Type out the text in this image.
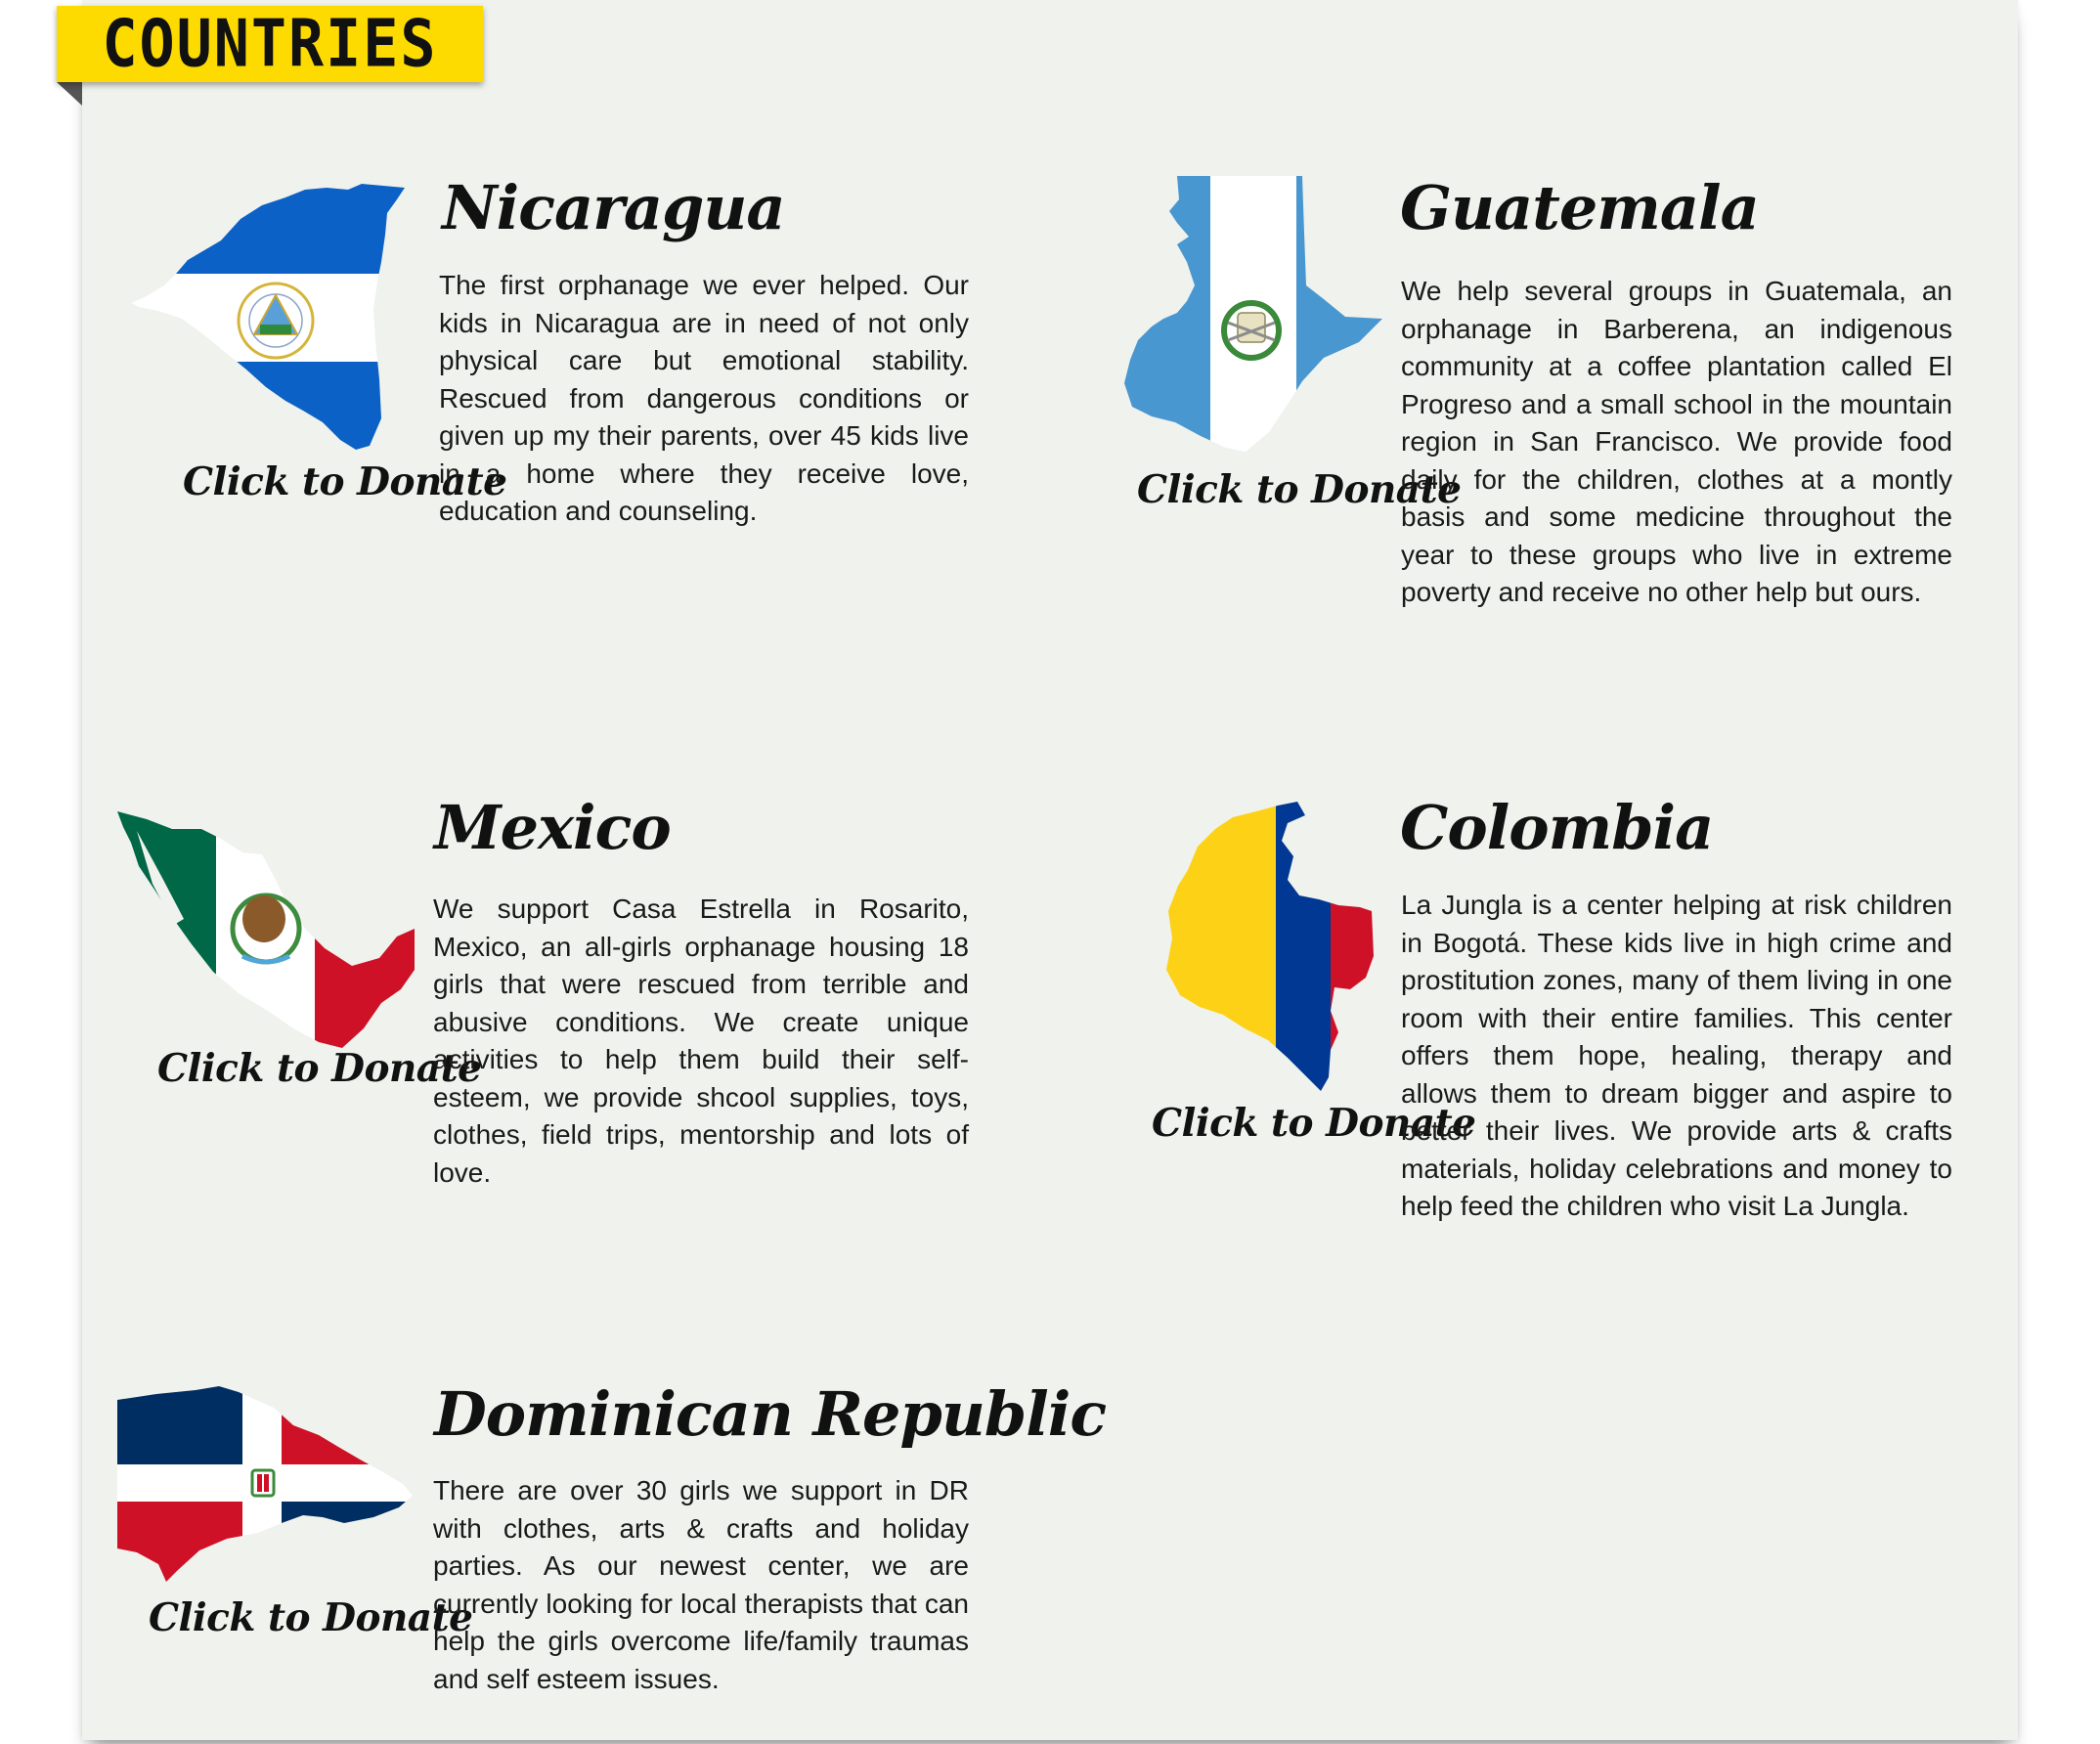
COUNTRIES
Click to Donate
Nicaragua

The first orphanage we ever helped. Our kids in Nicaragua are in need of not only physical care but emotional stability. Rescued from dangerous conditions or given up my their parents, over 45 kids live in a home where they receive love, education and counseling.	Click to Donate
Guatemala

We help several groups in Guatemala, an orphanage in Barberena, an indigenous community at a coffee plantation called El Progreso and a small school in the mountain region in San Francisco. We provide food daily for the children, clothes at a montly basis and some medicine throughout the year to these groups who live in extreme poverty and receive no other help but ours.

Click to Donate
Mexico

We support Casa Estrella in Rosarito, Mexico, an all-girls orphanage housing 18 girls that were rescued from terrible and abusive conditions. We create unique activities to help them build their self-esteem, we provide shcool supplies, toys, clothes, field trips, mentorship and lots of love.

Click to Donate
Colombia

La Jungla is a center helping at risk children in Bogotá. These kids live in high crime and prostitution zones, many of them living in one room with their entire families. This center offers them hope, healing, therapy and allows them to dream bigger and aspire to better their lives. We provide arts & crafts materials, holiday celebrations and money to help feed the children who visit La Jungla.

Click to Donate
Dominican Republic

There are over 30 girls we support in DR with clothes, arts & crafts and holiday parties. As our newest center, we are currently looking for local therapists that can help the girls overcome life/family traumas and self esteem issues.
